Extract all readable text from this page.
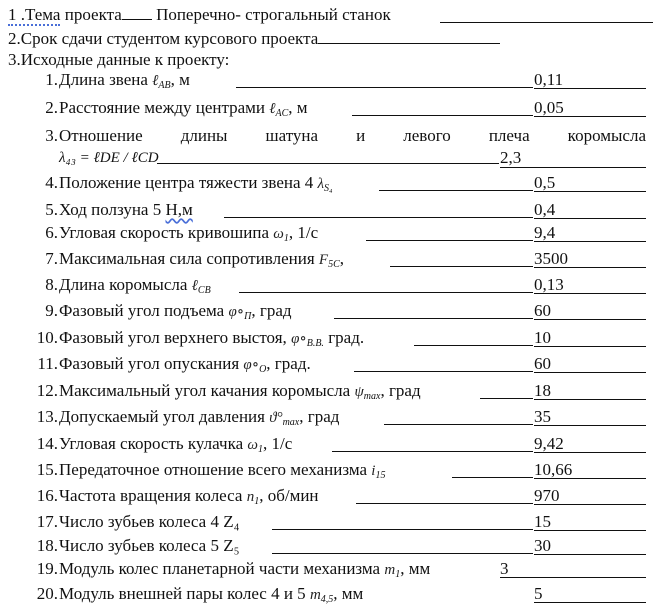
1 .Тема проекта Поперечно- строгальный станок
2.Срок сдачи студентом курсового проекта
3.Исходные данные к проекту:
1. Длина звена ℓ$_{AB}$, м	0,11
2. Расстояние между центрами ℓ$_{AC}$, м	0,05
3. Отношение длины шатуна и левого плеча коромысла
λ₄₃ = ℓDE / ℓCD	2,3
4. Положение центра тяжести звена 4 $\lambda_{S_4}$	0,5
5. Ход ползуна 5 Н,м	0,4
6. Угловая скорость кривошипа $\omega_1$, 1/с	9,4
7. Максимальная сила сопротивления $F_{5C}$,	3500
8. Длина коромысла ℓ$_{CB}$	0,13
9. Фазовый угол подъема $\varphi\circ_П$, град	60
10. Фазовый угол верхнего выстоя, $\varphi\circ_{В.В.}$ град.	10
11. Фазовый угол опускания $\varphi\circ_О$, град.	60
12. Максимальный угол качания коромысла $\psi_{max}$, град	18
13. Допускаемый угол давления $ϑ^\circ_{max}$, град	35
14. Угловая скорость кулачка $\omega_1$, 1/с	9,42
15. Передаточное отношение всего механизма $i_{15}$	10,66
16. Частота вращения колеса $n_1$, об/мин	970
17. Число зубьев колеса 4 Z₄	15
18. Число зубьев колеса 5 Z₅	30
19. Модуль колес планетарной части механизма $m_1$, мм	3
20. Модуль внешней пары колес 4 и 5 $m_{4,5}$, мм	5
